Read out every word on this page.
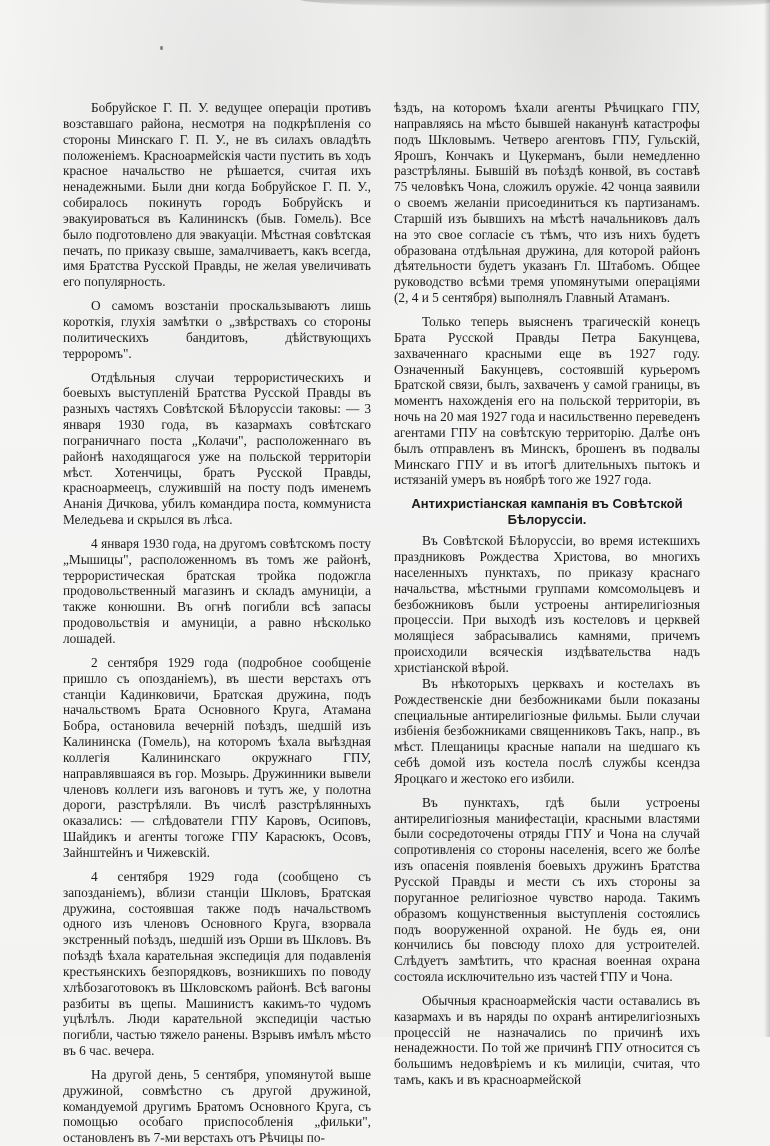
Бобруйское Г. П. У. ведущее операціи противъ возставшаго района, несмотря на подкрѣпленія со стороны Минскаго Г. П. У., не въ силахъ овладѣть положеніемъ. Красноармейскія части пустить въ ходъ красное начальство не рѣшается, считая ихъ ненадежными. Были дни когда Бобруйское Г. П. У., собиралось покинуть городъ Бобруйскъ и эвакуироваться въ Калининскъ (быв. Гомель). Все было подготовлено для эвакуаціи. Мѣстная совѣтская печать, по приказу свыше, замалчиваетъ, какъ всегда, имя Братства Русской Правды, не желая увеличивать его популярность.

О самомъ возстаніи проскальзываютъ лишь короткія, глухія замѣтки о „звѣрствахъ со стороны политическихъ бандитовъ, дѣйствующихъ терроромъ".

Отдѣльныя случаи террористическихъ и боевыхъ выступленій Братства Русской Правды въ разныхъ частяхъ Совѣтской Бѣлоруссіи таковы: — 3 января 1930 года, въ казармахъ совѣтскаго пограничнаго поста „Колачи", расположеннаго въ районѣ находящагося уже на польской территоріи мѣст. Хотенчицы, братъ Русской Правды, красноармеецъ, служившій на посту подъ именемъ Ананія Дичкова, убилъ командира поста, коммуниста Меледьева и скрылся въ лѣса.

4 января 1930 года, на другомъ совѣтскомъ посту „Мышицы", расположенномъ въ томъ же районѣ, террористическая братская тройка подожгла продовольственный магазинъ и складъ амуниціи, а также конюшни. Въ огнѣ погибли всѣ запасы продовольствія и амуниціи, а равно нѣсколько лошадей.

2 сентября 1929 года (подробное сообщеніе пришло съ опозданіемъ), въ шести верстахъ отъ станціи Кадинковичи, Братская дружина, подъ начальствомъ Брата Основного Круга, Атамана Бобра, остановила вечерній поѣздъ, шедшій изъ Калининска (Гомель), на которомъ ѣхала выѣздная коллегія Калининскаго окружнаго ГПУ, направлявшаяся въ гор. Мозырь. Дружинники вывели членовъ коллеги изъ вагоновъ и тутъ же, у полотна дороги, разстрѣляли. Въ числѣ разстрѣлянныхъ оказались: — слѣдователи ГПУ Каровъ, Осиповъ, Шайдикъ и агенты тогоже ГПУ Карасюкъ, Осовъ, Зайнштейнъ и Чижевскій.

4 сентября 1929 года (сообщено съ запозданіемъ), вблизи станціи Шкловъ, Братская дружина, состоявшая также подъ начальствомъ одного изъ членовъ Основного Круга, взорвала экстренный поѣздъ, шедшій изъ Орши въ Шкловъ. Въ поѣздѣ ѣхала карательная экспедиція для подавленія крестьянскихъ безпорядковъ, возникшихъ по поводу хлѣбозаготовокъ въ Шкловскомъ районѣ. Всѣ вагоны разбиты въ щепы. Машинистъ какимъ-то чудомъ уцѣлѣлъ. Люди карательной экспедиціи частью погибли, частью тяжело ранены. Взрывъ имѣлъ мѣсто въ 6 час. вечера.

На другой день, 5 сентября, упомянутой выше дружиной, совмѣстно съ другой дружиной, командуемой другимъ Братомъ Основного Круга, съ помощью особаго приспособленія „фильки", остановленъ въ 7-ми верстахъ отъ Рѣчицы по-

ѣздъ, на которомъ ѣхали агенты Рѣчицкаго ГПУ, направляясь на мѣсто бывшей наканунѣ катастрофы подъ Шкловымъ. Четверо агентовъ ГПУ, Гульскій, Ярошъ, Кончакъ и Цукерманъ, были немедленно разстрѣляны. Бывшій въ поѣздѣ конвой, въ составѣ 75 человѣкъ Чона, сложилъ оружіе. 42 чонца заявили о своемъ желаніи присоединиться къ партизанамъ. Старшій изъ бывшихъ на мѣстѣ начальниковъ далъ на это свое согласіе съ тѣмъ, что изъ нихъ будетъ образована отдѣльная дружина, для которой районъ дѣятельности будетъ указанъ Гл. Штабомъ. Общее руководство всѣми тремя упомянутыми операціями (2, 4 и 5 сентября) выполнялъ Главный Атаманъ.

Только теперь выясненъ трагическій конецъ Брата Русской Правды Петра Бакунцева, захваченнаго красными еще въ 1927 году. Означенный Бакунцевъ, состоявшій курьеромъ Братской связи, былъ, захваченъ у самой границы, въ моментъ нахожденія его на польской территоріи, въ ночь на 20 мая 1927 года и насильственно переведенъ агентами ГПУ на совѣтскую территорію. Далѣе онъ былъ отправленъ въ Минскъ, брошенъ въ подвалы Минскаго ГПУ и въ итогѣ длительныхъ пытокъ и истязаній умеръ въ ноябрѣ того же 1927 года.

Антихристіанская кампанія въ Совѣтской Бѣлоруссіи.

Въ Совѣтской Бѣлоруссіи, во время истекшихъ праздниковъ Рождества Христова, во многихъ населенныхъ пунктахъ, по приказу краснаго начальства, мѣстными группами комсомольцевъ и безбожниковъ были устроены антирелигіозныя процессіи. При выходѣ изъ костеловъ и церквей молящіеся забрасывались камнями, причемъ происходили всяческія издѣвательства надъ христіанской вѣрой.

Въ нѣкоторыхъ церквахъ и костелахъ въ Рождественскіе дни безбожниками были показаны специальные антирелигіозные фильмы. Были случаи избіенія безбожниками священниковъ Такъ, напр., въ мѣст. Плещаницы красные напали на шедшаго къ себѣ домой изъ костела послѣ службы ксендза Яроцкаго и жестоко его избили.

Въ пунктахъ, гдѣ были устроены антирелигіозныя манифестаціи, красными властями были сосредоточены отряды ГПУ и Чона на случай сопротивленія со стороны населенія, всего же болѣе изъ опасенія появленія боевыхъ дружинъ Братства Русской Правды и мести съ ихъ стороны за поруганное религіозное чувство народа. Такимъ образомъ кощунственныя выступленія состоялись подъ вооруженной охраной. Не будь ея, они кончились бы повсюду плохо для устроителей. Слѣдуетъ замѣтить, что красная военная охрана состояла исключительно изъ частей ГПУ и Чона.

Обычныя красноармейскія части оставались въ казармахъ и въ наряды по охранѣ антирелигіозныхъ процессій не назначались по причинѣ ихъ ненадежности. По той же причинѣ ГПУ относится съ большимъ недовѣріемъ и къ милиціи, считая, что тамъ, какъ и въ красноармейской
